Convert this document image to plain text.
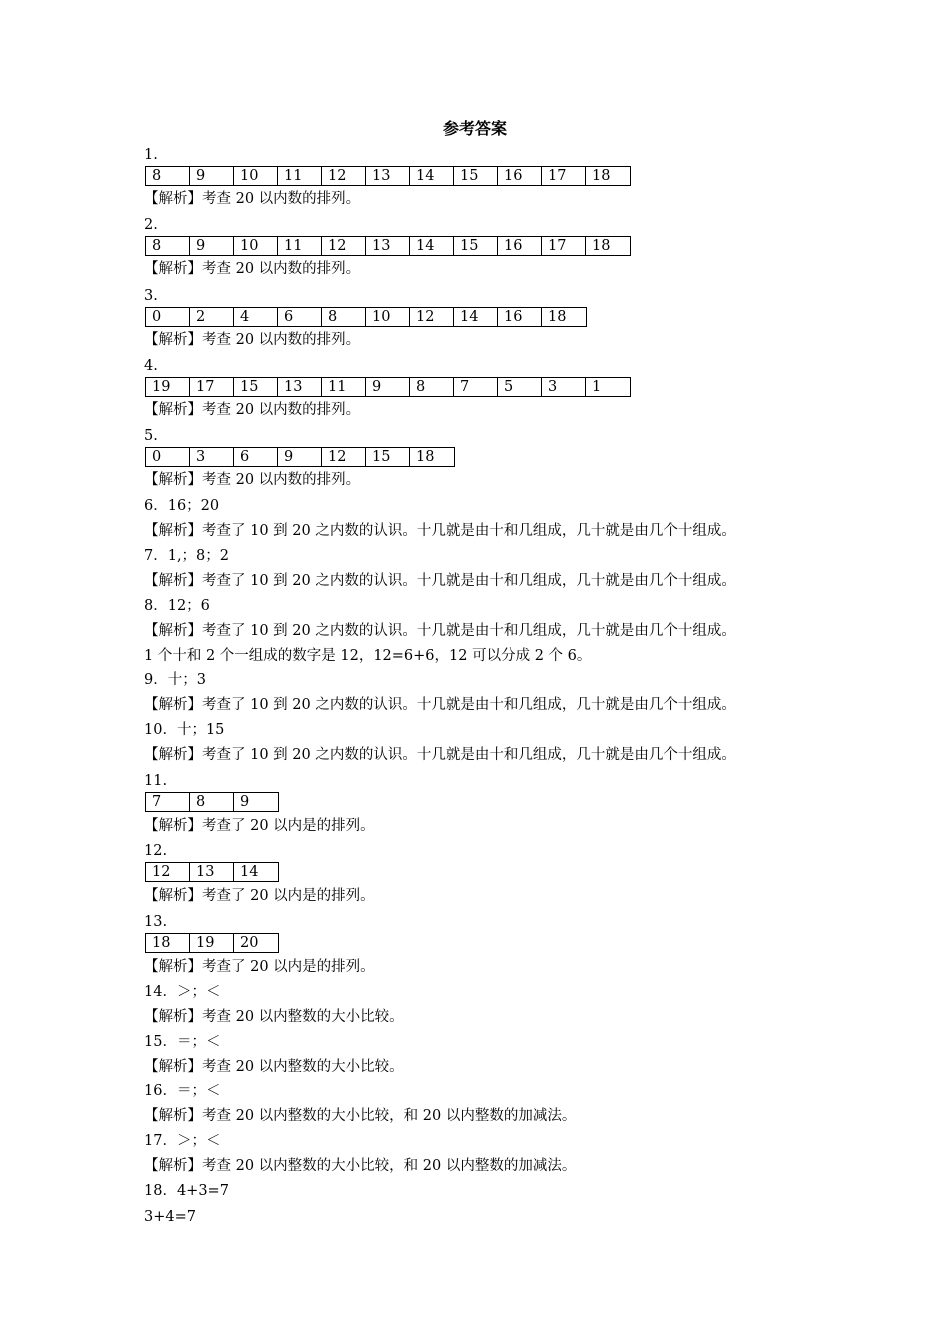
参考答案
1.
8	9	10	11	12	13	14	15	16	17	18
【解析】考查 20 以内数的排列。
2.
8	9	10	11	12	13	14	15	16	17	18
【解析】考查 20 以内数的排列。
3.
0	2	4	6	8	10	12	14	16	18
【解析】考查 20 以内数的排列。
4.
19	17	15	13	11	9	8	7	5	3	1
【解析】考查 20 以内数的排列。
5.
0	3	6	9	12	15	18
【解析】考查 20 以内数的排列。
6．16；20
【解析】考查了 10 到 20 之内数的认识。十几就是由十和几组成，几十就是由几个十组成。
7．1,；8；2
【解析】考查了 10 到 20 之内数的认识。十几就是由十和几组成，几十就是由几个十组成。
8．12；6
【解析】考查了 10 到 20 之内数的认识。十几就是由十和几组成，几十就是由几个十组成。
1 个十和 2 个一组成的数字是 12，12=6+6，12 可以分成 2 个 6。
9．十；3
【解析】考查了 10 到 20 之内数的认识。十几就是由十和几组成，几十就是由几个十组成。
10．十；15
【解析】考查了 10 到 20 之内数的认识。十几就是由十和几组成，几十就是由几个十组成。
11.
7	8	9
【解析】考查了 20 以内是的排列。
12.
12	13	14
【解析】考查了 20 以内是的排列。
13.
18	19	20
【解析】考查了 20 以内是的排列。
14．＞；＜
【解析】考查 20 以内整数的大小比较。
15．＝；＜
【解析】考查 20 以内整数的大小比较。
16．＝；＜
【解析】考查 20 以内整数的大小比较，和 20 以内整数的加减法。
17．＞；＜
【解析】考查 20 以内整数的大小比较，和 20 以内整数的加减法。
18．4+3=7
3+4=7
